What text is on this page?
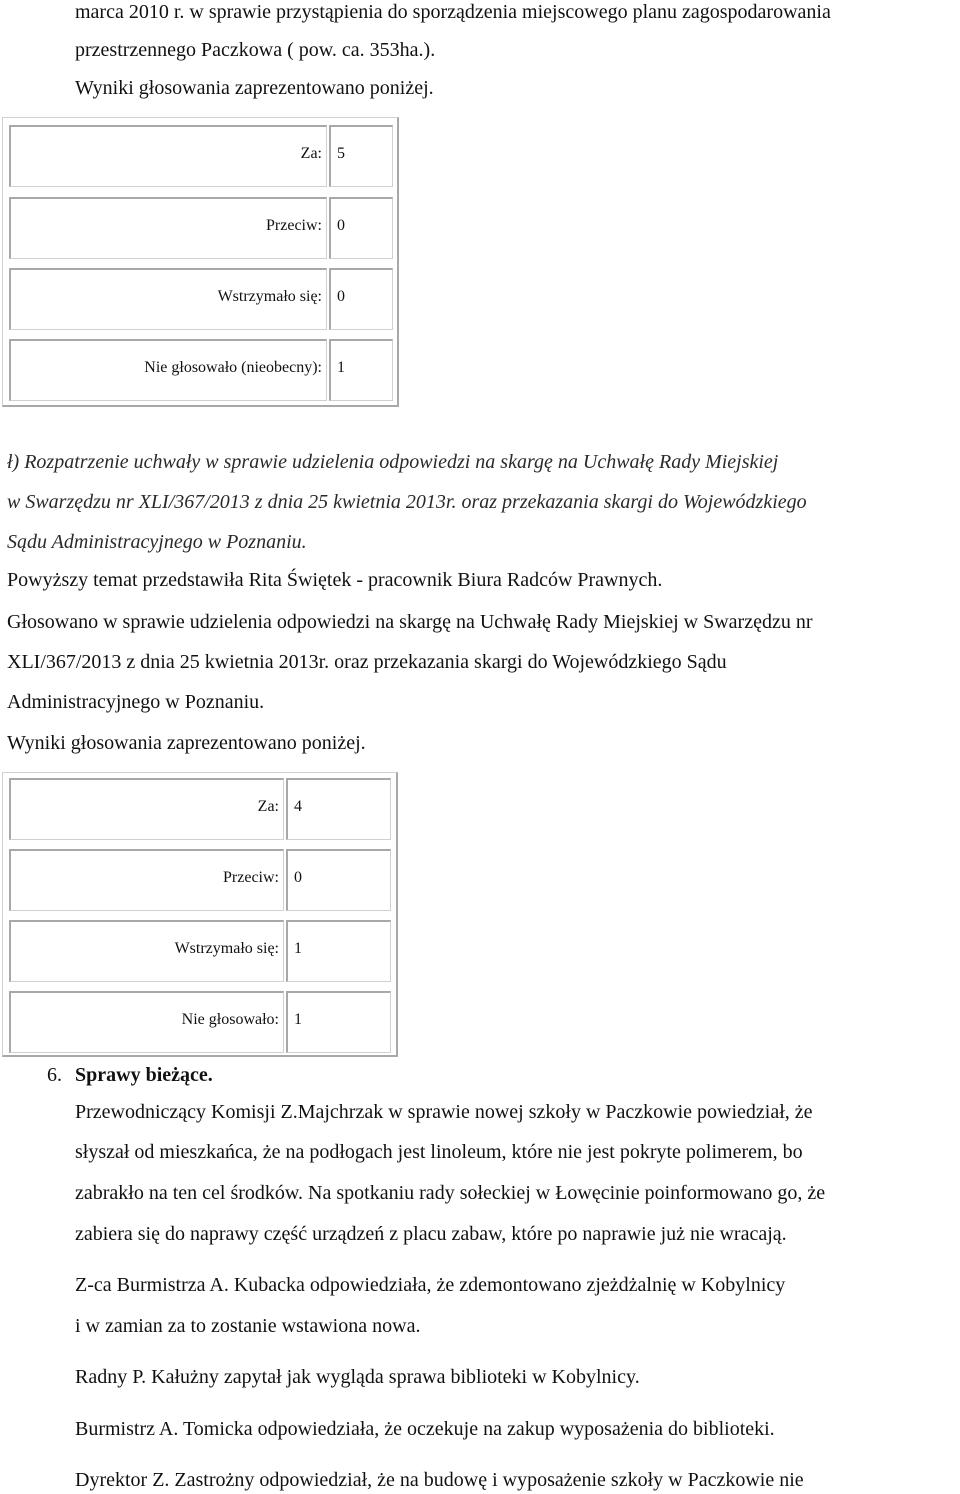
marca 2010 r. w sprawie przystąpienia do sporządzenia miejscowego planu zagospodarowania
przestrzennego Paczkowa ( pow. ca. 353ha.).
Wyniki głosowania zaprezentowano poniżej.
Za: 5
Przeciw: 0
Wstrzymało się: 0
Nie głosowało (nieobecny): 1
ł) Rozpatrzenie uchwały w sprawie udzielenia odpowiedzi na skargę na Uchwałę Rady Miejskiej
w Swarzędzu nr XLI/367/2013 z dnia 25 kwietnia 2013r. oraz przekazania skargi do Wojewódzkiego
Sądu Administracyjnego w Poznaniu.
Powyższy temat przedstawiła Rita Świętek - pracownik Biura Radców Prawnych.
Głosowano w sprawie udzielenia odpowiedzi na skargę na Uchwałę Rady Miejskiej w Swarzędzu nr
XLI/367/2013 z dnia 25 kwietnia 2013r. oraz przekazania skargi do Wojewódzkiego Sądu
Administracyjnego w Poznaniu.
Wyniki głosowania zaprezentowano poniżej.
Za: 4
Przeciw: 0
Wstrzymało się: 1
Nie głosowało: 1
6. Sprawy bieżące.
Przewodniczący Komisji Z.Majchrzak w sprawie nowej szkoły w Paczkowie powiedział, że
słyszał od mieszkańca, że na podłogach jest linoleum, które nie jest pokryte polimerem, bo
zabrakło na ten cel środków. Na spotkaniu rady sołeckiej w Łowęcinie poinformowano go, że
zabiera się do naprawy część urządzeń z placu zabaw, które po naprawie już nie wracają.
Z-ca Burmistrza A. Kubacka odpowiedziała, że zdemontowano zjeżdżalnię w Kobylnicy
i w zamian za to zostanie wstawiona nowa.
Radny P. Kałużny zapytał jak wygląda sprawa biblioteki w Kobylnicy.
Burmistrz A. Tomicka odpowiedziała, że oczekuje na zakup wyposażenia do biblioteki.
Dyrektor Z. Zastrożny odpowiedział, że na budowę i wyposażenie szkoły w Paczkowie nie
